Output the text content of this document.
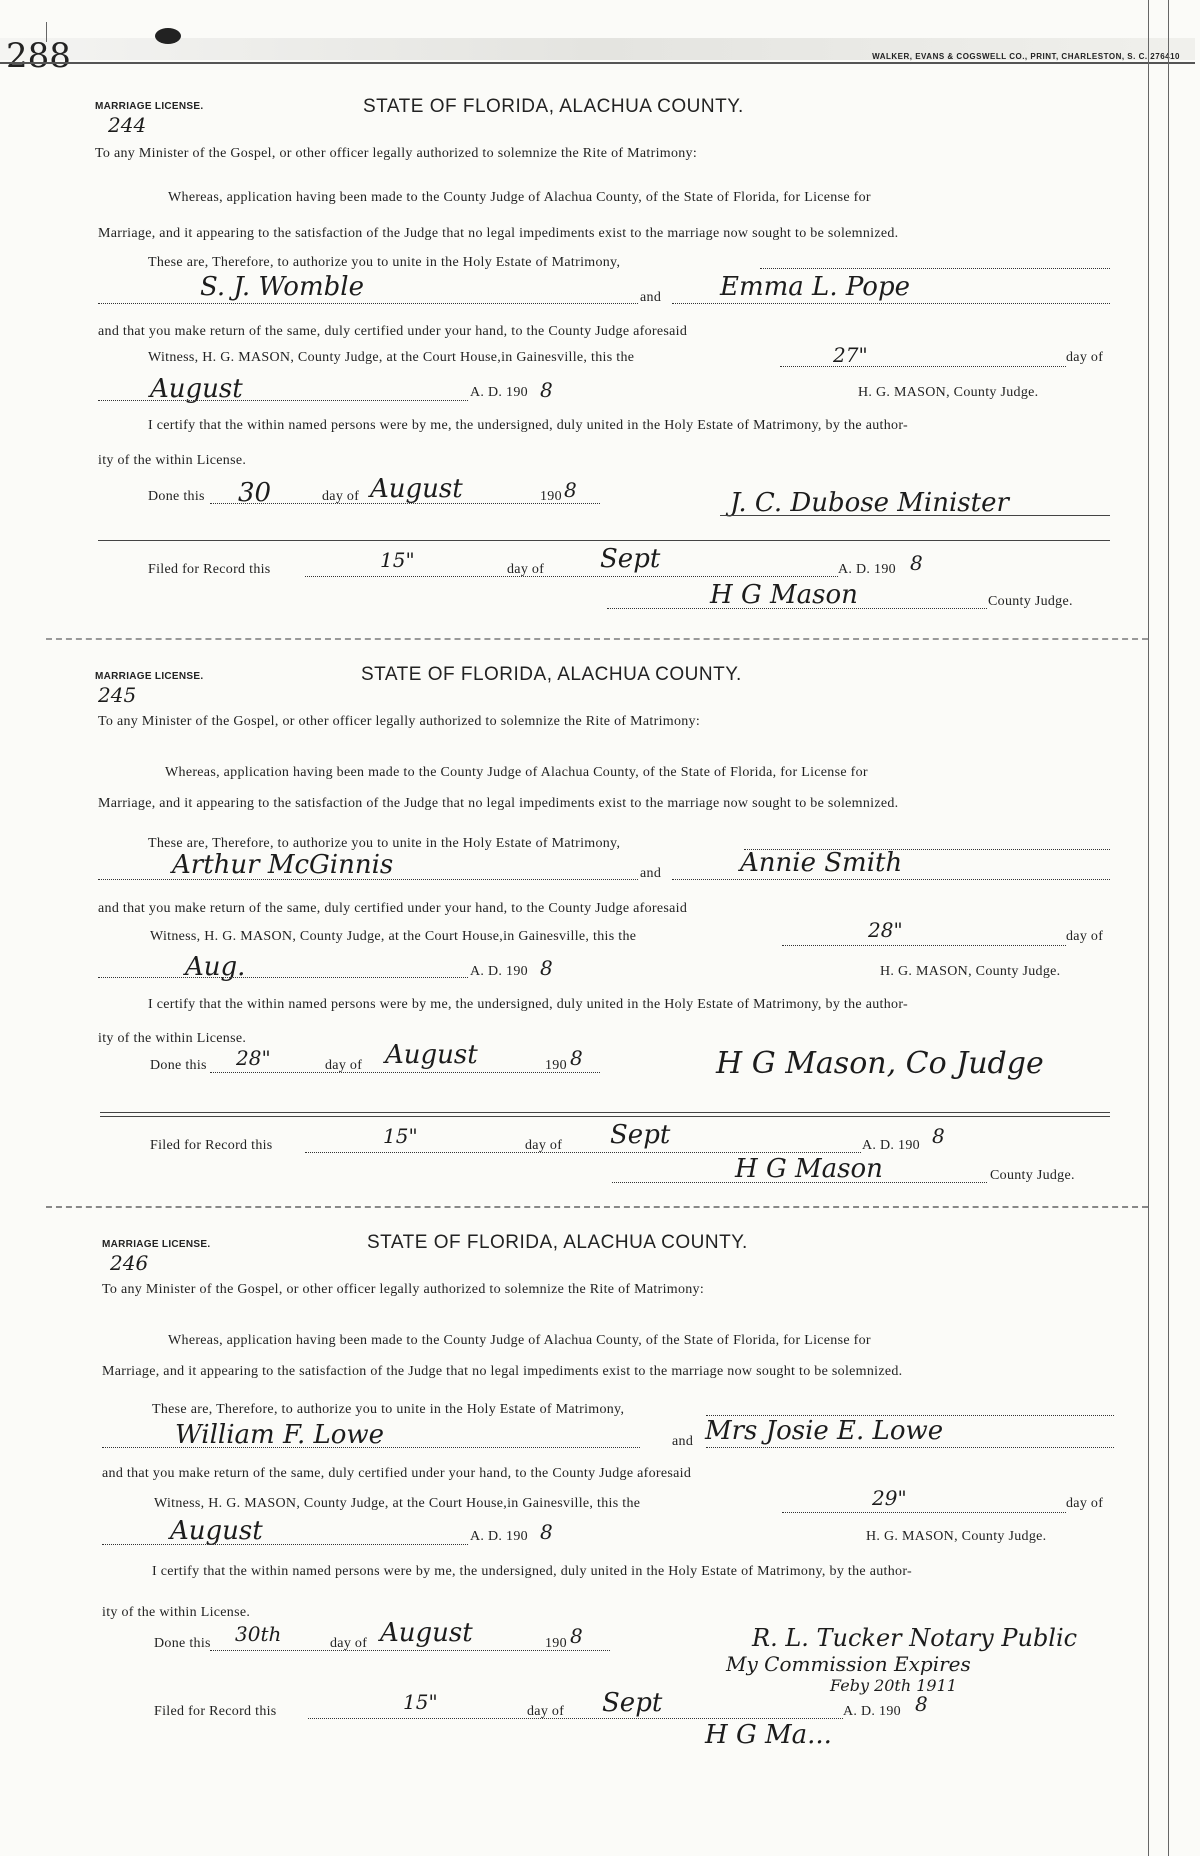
288	WALKER, EVANS & COGSWELL CO., PRINT, CHARLESTON, S. C. 276410
MARRIAGE LICENSE.
244
STATE OF FLORIDA, ALACHUA COUNTY.
To any Minister of the Gospel, or other officer legally authorized to solemnize the Rite of Matrimony:
Whereas, application having been made to the County Judge of Alachua County, of the State of Florida, for License for
Marriage, and it appearing to the satisfaction of the Judge that no legal impediments exist to the marriage now sought to be solemnized.
These are, Therefore, to authorize you to unite in the Holy Estate of Matrimony,
S. J. Womble	and Emma L. Pope
and that you make return of the same, duly certified under your hand, to the County Judge aforesaid
Witness, H. G. MASON, County Judge, at the Court House,in Gainesville, this the	27"	day of
August	A. D. 190 8	H. G. MASON, County Judge.
I certify that the within named persons were by me, the undersigned, duly united in the Holy Estate of Matrimony, by the author-
ity of the within License.
Done this 30	day of August	190 8	J. C. Dubose Minister
Filed for Record this	15"	day of Sept	A. D. 190 8
H G Mason	County Judge.
MARRIAGE LICENSE.
245
STATE OF FLORIDA, ALACHUA COUNTY.
To any Minister of the Gospel, or other officer legally authorized to solemnize the Rite of Matrimony:
Whereas, application having been made to the County Judge of Alachua County, of the State of Florida, for License for
Marriage, and it appearing to the satisfaction of the Judge that no legal impediments exist to the marriage now sought to be solemnized.
These are, Therefore, to authorize you to unite in the Holy Estate of Matrimony,
Arthur McGinnis	and	Annie Smith
and that you make return of the same, duly certified under your hand, to the County Judge aforesaid
Witness, H. G. MASON, County Judge, at the Court House,in Gainesville, this the	28"	day of
Aug.	A. D. 190 8	H. G. MASON, County Judge.
I certify that the within named persons were by me, the undersigned, duly united in the Holy Estate of Matrimony, by the author-
ity of the within License.
Done this 28"	day of August	190 8	H G Mason, Co Judge
Filed for Record this	15"	day of Sept	A. D. 190 8
H G Mason	County Judge.
MARRIAGE LICENSE.
246
STATE OF FLORIDA, ALACHUA COUNTY.
To any Minister of the Gospel, or other officer legally authorized to solemnize the Rite of Matrimony:
Whereas, application having been made to the County Judge of Alachua County, of the State of Florida, for License for
Marriage, and it appearing to the satisfaction of the Judge that no legal impediments exist to the marriage now sought to be solemnized.
These are, Therefore, to authorize you to unite in the Holy Estate of Matrimony,
William F. Lowe	and Mrs Josie E. Lowe
and that you make return of the same, duly certified under your hand, to the County Judge aforesaid
Witness, H. G. MASON, County Judge, at the Court House,in Gainesville, this the	29"	day of
August	A. D. 190 8	H. G. MASON, County Judge.
I certify that the within named persons were by me, the undersigned, duly united in the Holy Estate of Matrimony, by the author-
ity of the within License.
Done this 30th	day of August	190 8	R. L. Tucker Notary Public
My Commission Expires
Feby 20th 1911
Filed for Record this	15"	day of Sept	A. D. 190 8
H G Ma...
